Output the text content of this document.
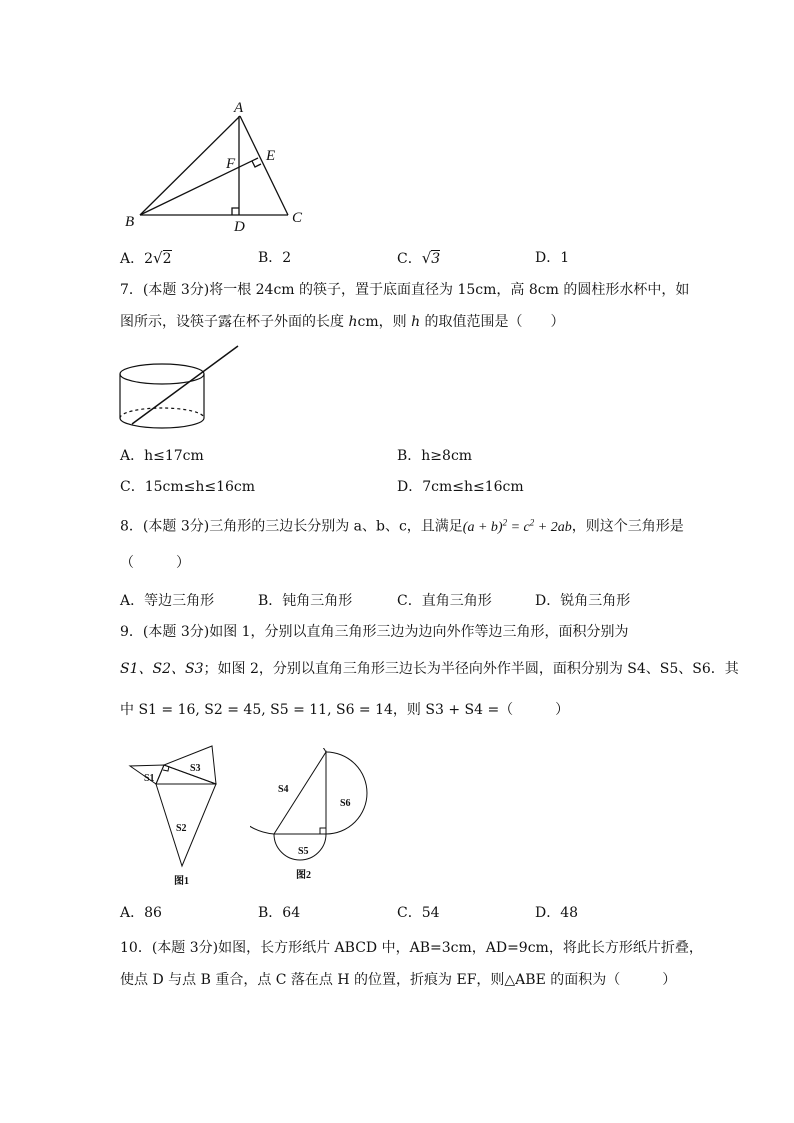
A
B	C
D
E
F
A．2√2	B．2	C．√3	D．1
7．(本题 3分)将一根 24cm 的筷子，置于底面直径为 15cm，高 8cm 的圆柱形水杯中，如
图所示，设筷子露在杯子外面的长度 hcm，则 h 的取值范围是（　　）
A．h≤17cm	B．h≥8cm
C．15cm≤h≤16cm	D．7cm≤h≤16cm
8．(本题 3分)三角形的三边长分别为 a、b、c，且满足$(a + b)^2 = c^2 + 2ab$，则这个三角形是
（　　　）
A．等边三角形	B．钝角三角形	C．直角三角形	D．锐角三角形
9．(本题 3分)如图 1，分别以直角三角形三边为边向外作等边三角形，面积分别为
S1、S2、S3；如图 2，分别以直角三角形三边长为半径向外作半圆，面积分别为 S4、S5、S6．其
中 S1 = 16, S2 = 45, S5 = 11, S6 = 14，则 S3 + S4 =（　　　）
S1
S3
S2
图1
S4
S6
S5
图2
A．86	B．64	C．54	D．48
10．(本题 3分)如图，长方形纸片 ABCD 中，AB=3cm，AD=9cm，将此长方形纸片折叠，
使点 D 与点 B 重合，点 C 落在点 H 的位置，折痕为 EF，则△ABE 的面积为（　　　）
